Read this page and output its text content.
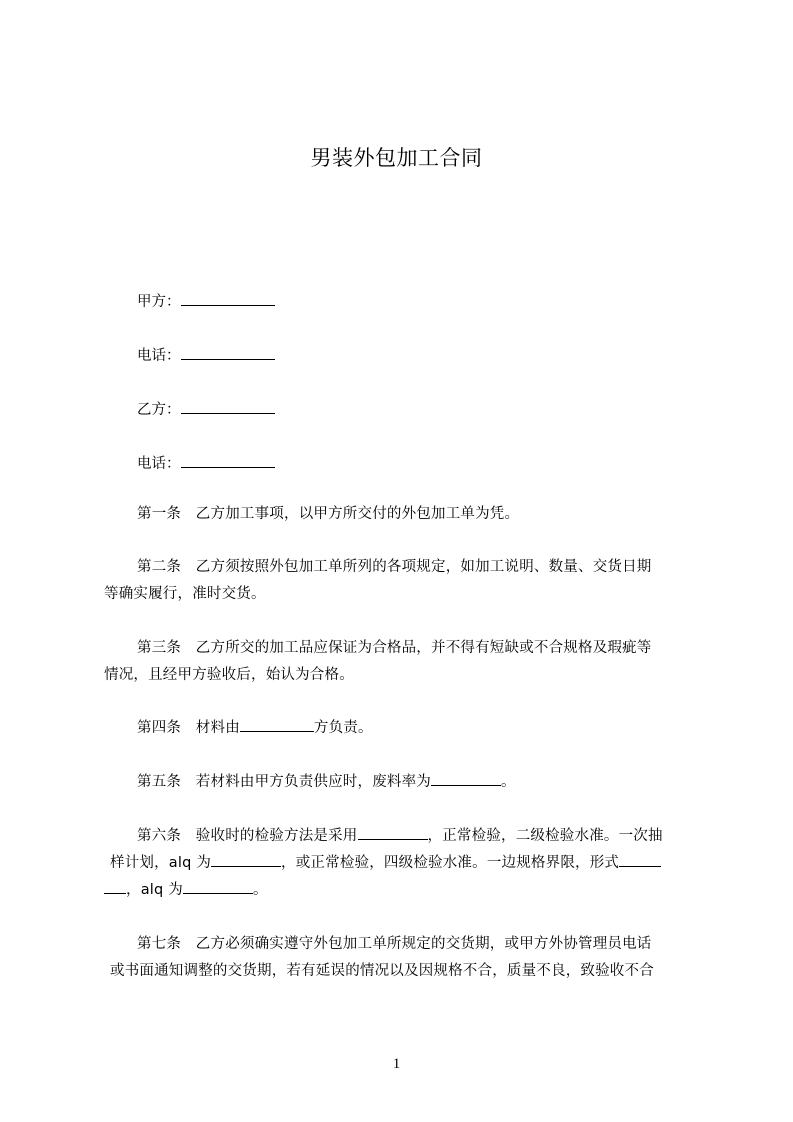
男装外包加工合同
甲方：
电话：
乙方：
电话：
第一条　乙方加工事项，以甲方所交付的外包加工单为凭。
第二条　乙方须按照外包加工单所列的各项规定，如加工说明、数量、交货日期
等确实履行，准时交货。
第三条　乙方所交的加工品应保证为合格品，并不得有短缺或不合规格及瑕疵等
情况，且经甲方验收后，始认为合格。
第四条　材料由	方负责。
第五条　若材料由甲方负责供应时，废料率为	。
第六条　验收时的检验方法是采用	，正常检验，二级检验水准。一次抽
样计划，alq 为	，或正常检验，四级检验水准。一边规格界限，形式
，alq 为	。
第七条　乙方必须确实遵守外包加工单所规定的交货期，或甲方外协管理员电话
或书面通知调整的交货期，若有延误的情况以及因规格不合，质量不良，致验收不合
1
